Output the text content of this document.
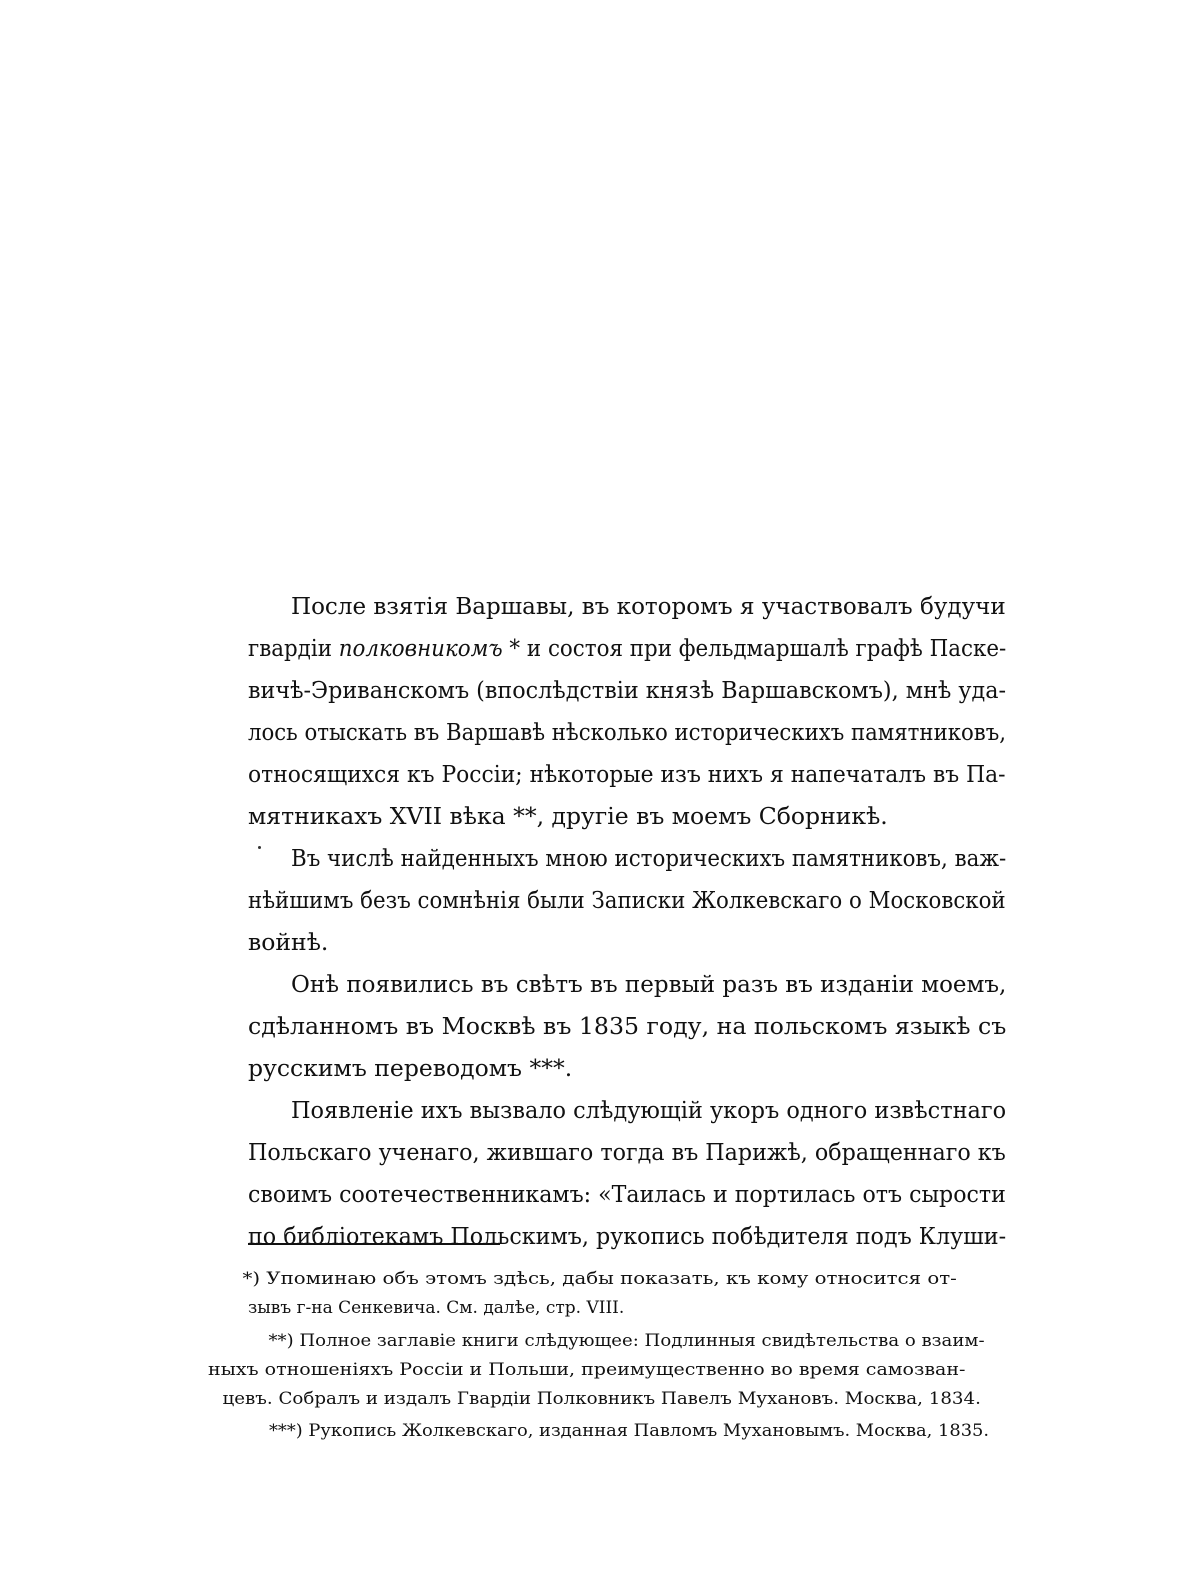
После взятія Варшавы, въ которомъ я участвовалъ будучи
гвардіи полковникомъ * и состоя при фельдмаршалѣ графѣ Паске-
вичѣ-Эриванскомъ (впослѣдствіи князѣ Варшавскомъ), мнѣ уда-
лось отыскать въ Варшавѣ нѣсколько историческихъ памятниковъ,
относящихся къ Россіи; нѣкоторые изъ нихъ я напечаталъ въ Па-
мятникахъ XVII вѣка **, другіе въ моемъ Сборникѣ.
Въ числѣ найденныхъ мною историческихъ памятниковъ, важ-
нѣйшимъ безъ сомнѣнія были Записки Жолкевскаго о Московской
войнѣ.
Онѣ появились въ свѣтъ въ первый разъ въ изданіи моемъ,
сдѣланномъ въ Москвѣ въ 1835 году, на польскомъ языкѣ съ
русскимъ переводомъ ***.
Появленіе ихъ вызвало слѣдующій укоръ одного извѣстнаго
Польскаго ученаго, жившаго тогда въ Парижѣ, обращеннаго къ
своимъ соотечественникамъ: «Таилась и портилась отъ сырости
по библіотекамъ Польскимъ, рукопись побѣдителя подъ Клуши-
*) Упоминаю объ этомъ здѣсь, дабы показать, къ кому относится от-
зывъ г-на Сенкевича. См. далѣе, стр. VIII.
**) Полное заглавіе книги слѣдующее: Подлинныя свидѣтельства о взаим-
ныхъ отношеніяхъ Россіи и Польши, преимущественно во время самозван-
цевъ. Собралъ и издалъ Гвардіи Полковникъ Павелъ Мухановъ. Москва, 1834.
***) Рукопись Жолкевскаго, изданная Павломъ Мухановымъ. Москва, 1835.
